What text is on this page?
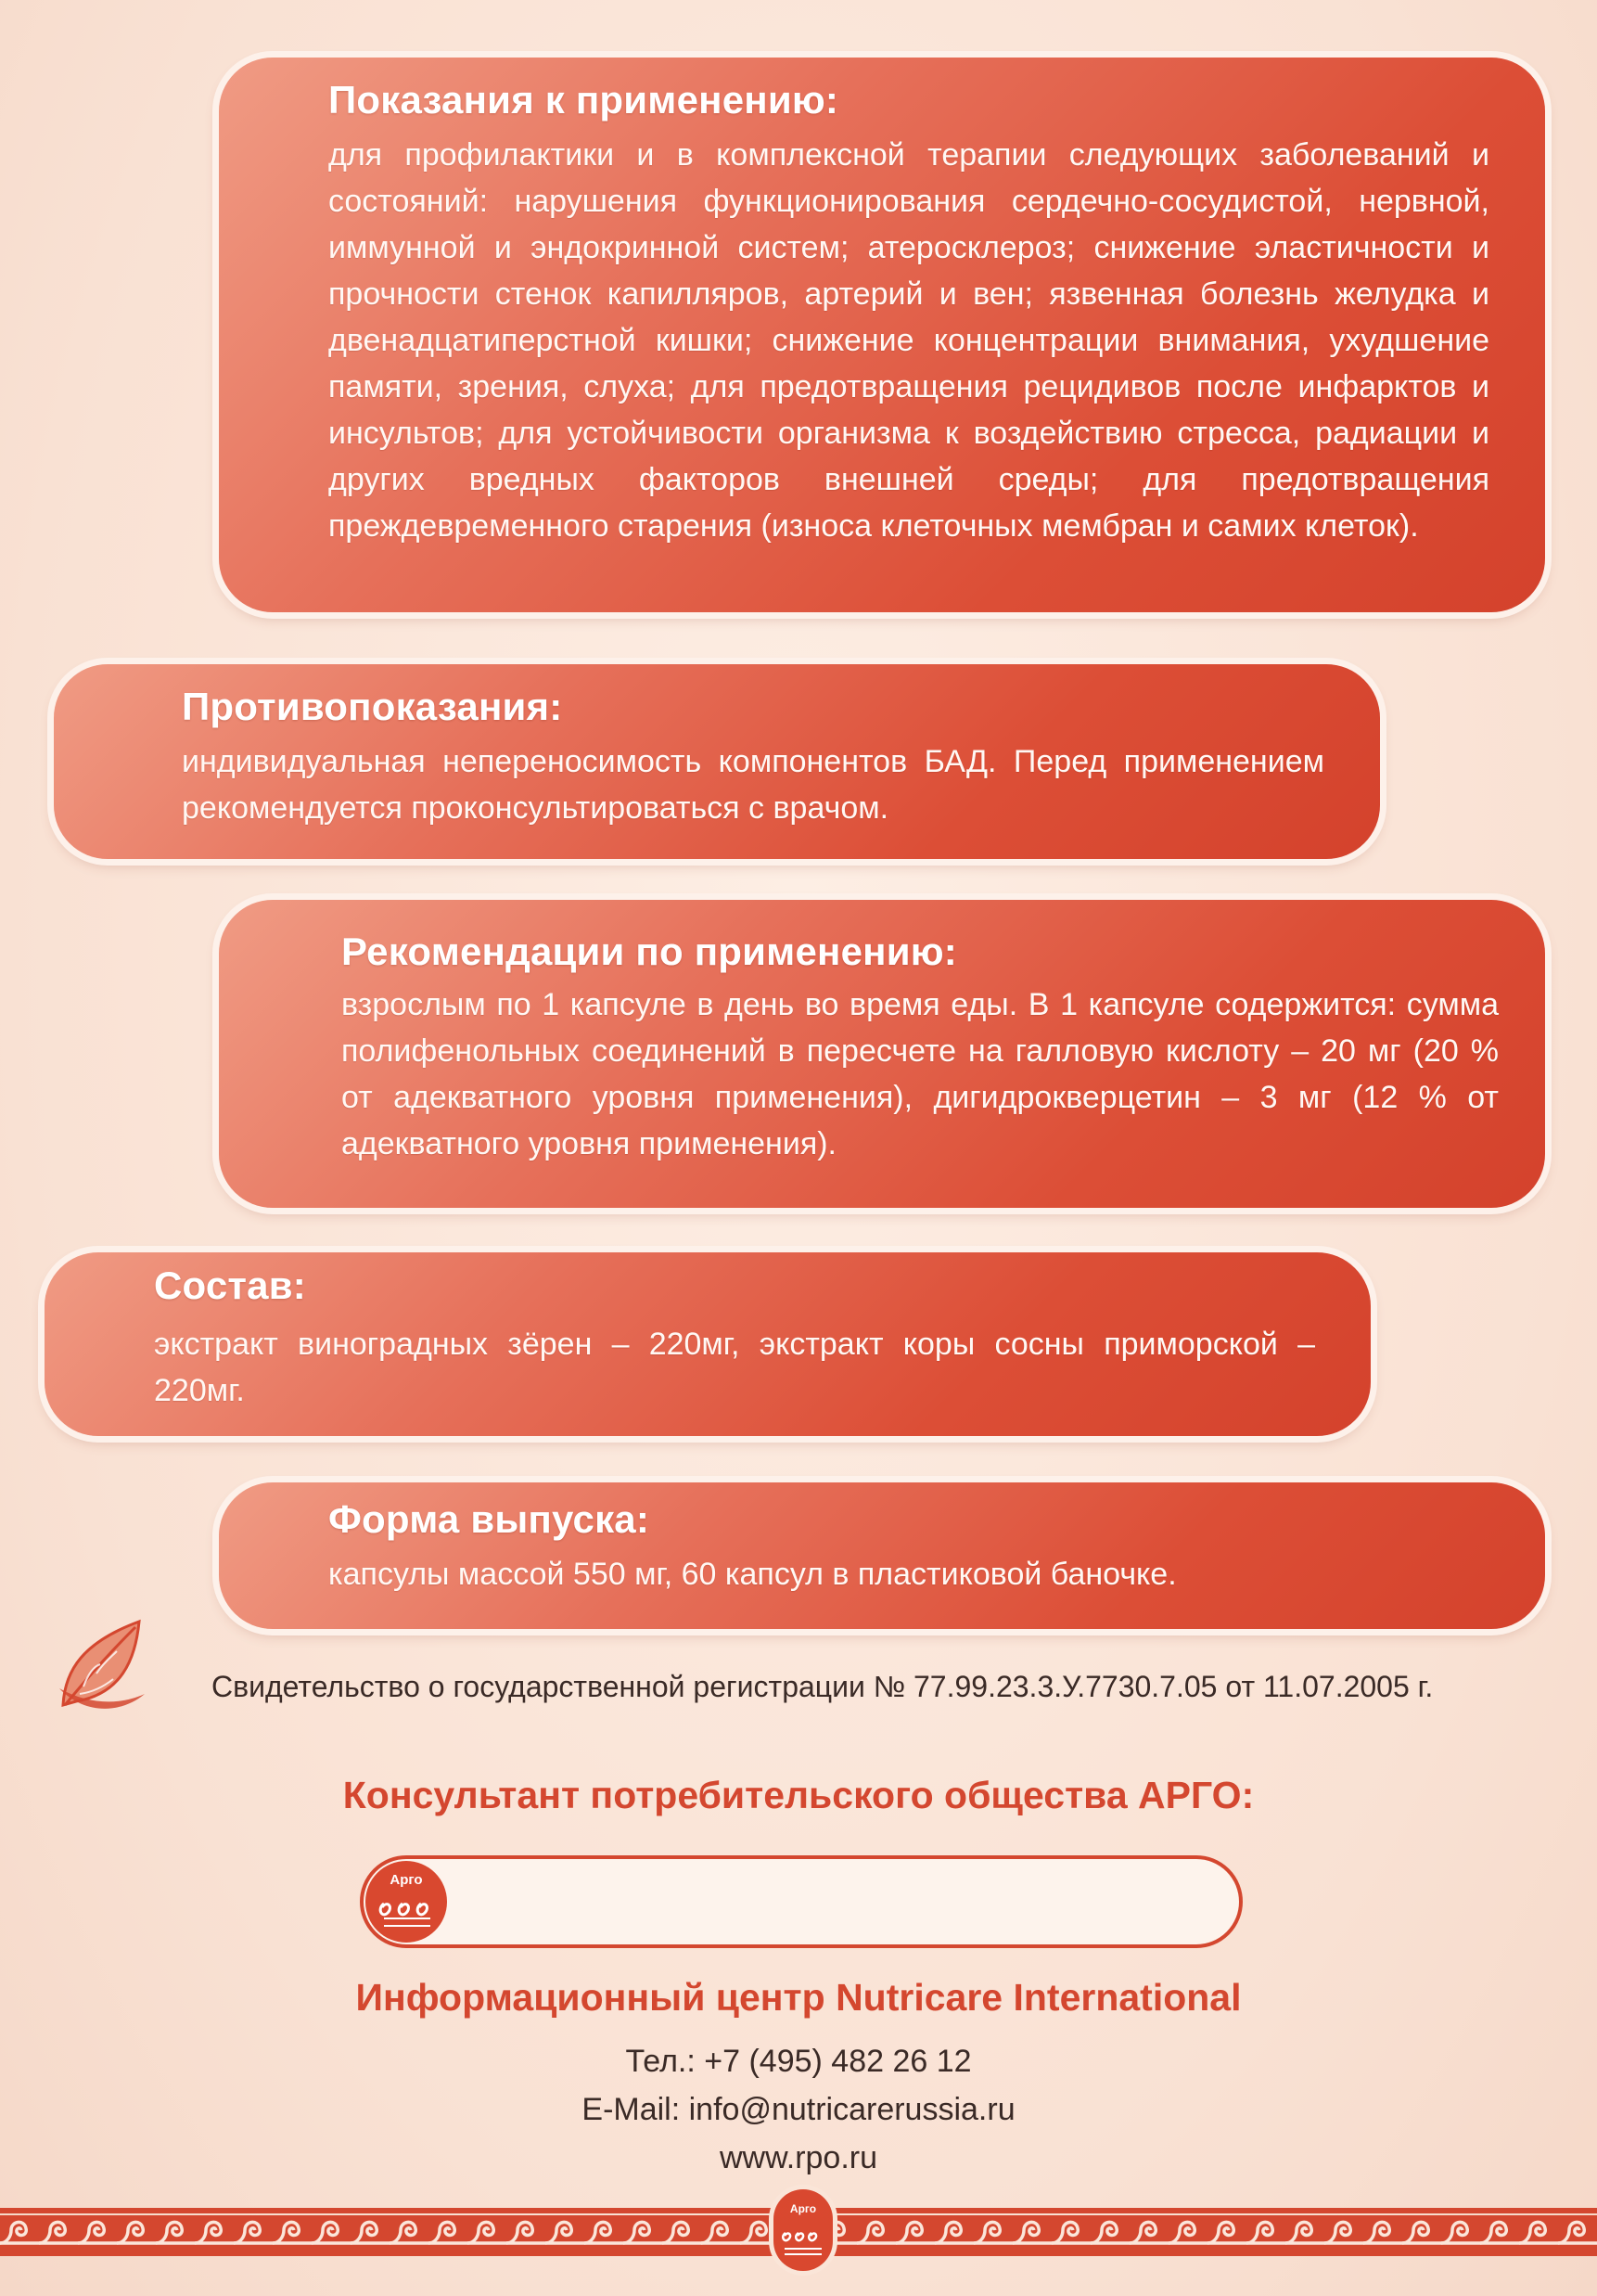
Показания к применению:

для профилактики и в комплексной терапии следующих заболеваний и состояний: нарушения функционирования сердечно-сосудистой, нервной, иммунной и эндокринной систем; атеросклероз; снижение эластичности и прочности стенок капилляров, артерий и вен; язвенная болезнь желудка и двенадцатиперстной кишки; снижение концентрации внимания, ухудшение памяти, зрения, слуха; для предотвращения рецидивов после инфарктов и инсультов; для устойчивости организма к воздействию стресса, радиации и других вредных факторов внешней среды; для предотвращения преждевременного старения (износа клеточных мембран и самих клеток).

Противопоказания:

индивидуальная непереносимость компонентов БАД. Перед применением рекомендуется проконсультироваться с врачом.

Рекомендации по применению:

взрослым по 1 капсуле в день во время еды. В 1 капсуле содержится: сумма полифенольных соединений в пересчете на галловую кислоту – 20 мг (20 % от адекватного уровня применения), дигидрокверцетин – 3 мг (12 % от адекватного уровня применения).

Состав:

экстракт виноградных зёрен – 220мг, экстракт коры сосны приморской – 220мг.

Форма выпуска:

капсулы массой 550 мг, 60 капсул в пластиковой баночке.

Свидетельство о государственной регистрации № 77.99.23.3.У.7730.7.05 от 11.07.2005 г.
Консультант потребительского общества АРГО:
Арго
Информационный центр Nutricare International
Тел.: +7 (495) 482 26 12
E-Mail: info@nutricarerussia.ru
www.rpo.ru
Арго
